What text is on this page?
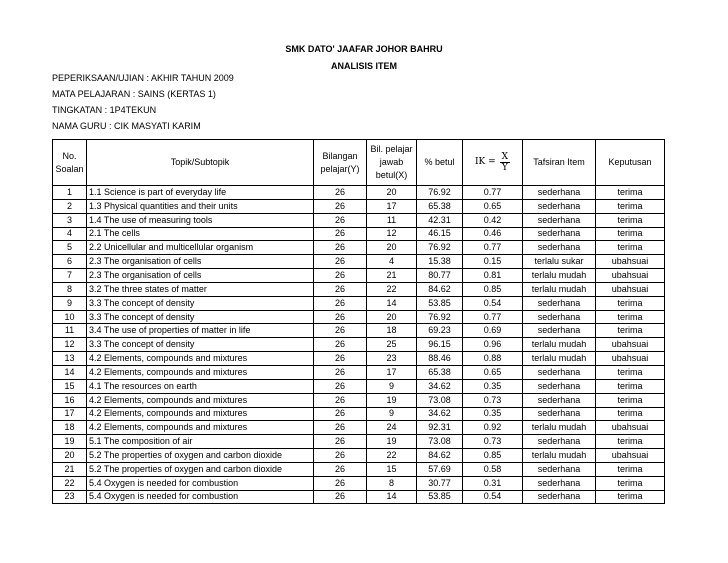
SMK DATO' JAAFAR JOHOR BAHRU
ANALISIS ITEM
PEPERIKSAAN/UJIAN : AKHIR TAHUN 2009
MATA PELAJARAN : SAINS (KERTAS 1)
TINGKATAN : 1P4TEKUN
NAMA GURU : CIK MASYATI KARIM
No. Soalan	Topik/Subtopik	Bilangan pelajar(Y)	Bil. pelajar jawab betul(X)	% betul	IK = $\frac{X}{Y}$	Tafsiran Item	Keputusan
1	1.1 Science is part of everyday life	26	20	76.92	0.77	sederhana	terima
2	1.3 Physical quantities and their units	26	17	65.38	0.65	sederhana	terima
3	1.4 The use of measuring tools	26	11	42.31	0.42	sederhana	terima
4	2.1 The cells	26	12	46.15	0.46	sederhana	terima
5	2.2 Unicellular and multicellular organism	26	20	76.92	0.77	sederhana	terima
6	2.3 The organisation of cells	26	4	15.38	0.15	terlalu sukar	ubahsuai
7	2.3 The organisation of cells	26	21	80.77	0.81	terlalu mudah	ubahsuai
8	3.2 The three states of matter	26	22	84.62	0.85	terlalu mudah	ubahsuai
9	3.3 The concept of density	26	14	53.85	0.54	sederhana	terima
10	3.3 The concept of density	26	20	76.92	0.77	sederhana	terima
11	3.4 The use of properties of matter in life	26	18	69.23	0.69	sederhana	terima
12	3.3 The concept of density	26	25	96.15	0.96	terlalu mudah	ubahsuai
13	4.2 Elements, compounds and mixtures	26	23	88.46	0.88	terlalu mudah	ubahsuai
14	4.2 Elements, compounds and mixtures	26	17	65.38	0.65	sederhana	terima
15	4.1 The resources on earth	26	9	34.62	0.35	sederhana	terima
16	4.2 Elements, compounds and mixtures	26	19	73.08	0.73	sederhana	terima
17	4.2 Elements, compounds and mixtures	26	9	34.62	0.35	sederhana	terima
18	4.2 Elements, compounds and mixtures	26	24	92.31	0.92	terlalu mudah	ubahsuai
19	5.1 The composition of air	26	19	73.08	0.73	sederhana	terima
20	5.2 The properties of oxygen and carbon dioxide	26	22	84.62	0.85	terlalu mudah	ubahsuai
21	5.2 The properties of oxygen and carbon dioxide	26	15	57.69	0.58	sederhana	terima
22	5.4 Oxygen is needed for combustion	26	8	30.77	0.31	sederhana	terima
23	5.4 Oxygen is needed for combustion	26	14	53.85	0.54	sederhana	terima
